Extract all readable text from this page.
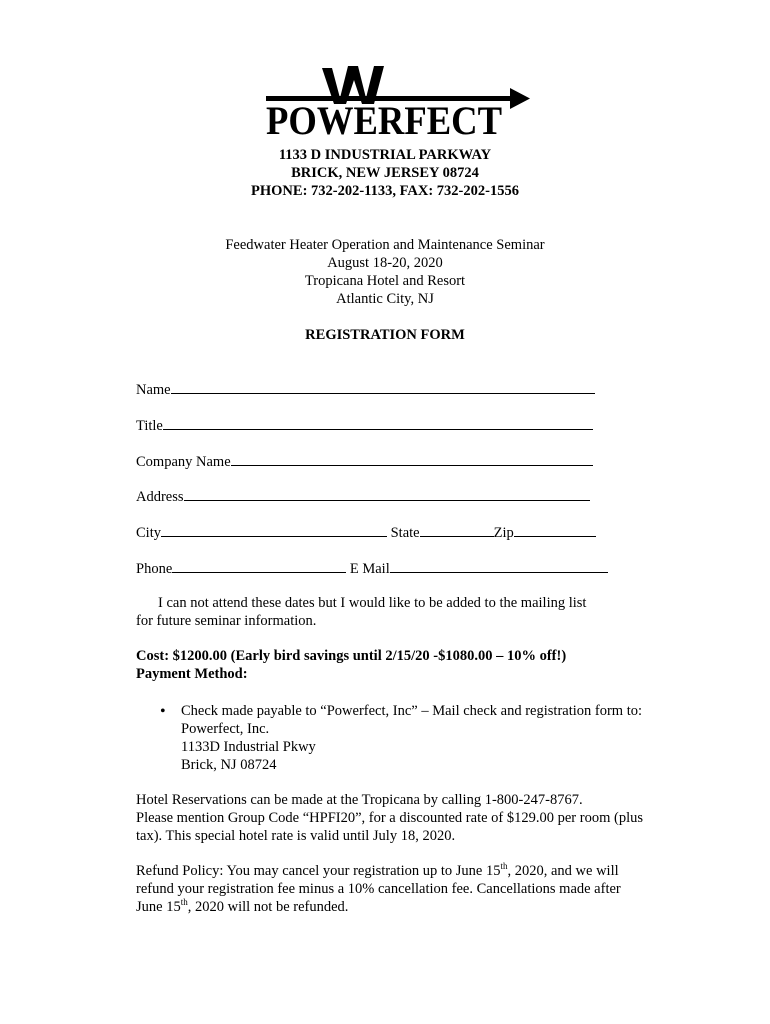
POWERFECT
1133 D INDUSTRIAL PARKWAY
BRICK, NEW JERSEY 08724
PHONE: 732-202-1133, FAX: 732-202-1556
Feedwater Heater Operation and Maintenance Seminar
August 18-20, 2020
Tropicana Hotel and Resort
Atlantic City, NJ
REGISTRATION FORM
Name
Title
Company Name
Address
City	State	Zip
Phone	E Mail
I can not attend these dates but I would like to be added to the mailing list
for future seminar information.
Cost: $1200.00 (Early bird savings until 2/15/20 -$1080.00 – 10% off!)
Payment Method:
• Check made payable to “Powerfect, Inc” – Mail check and registration form to:
Powerfect, Inc.
1133D Industrial Pkwy
Brick, NJ 08724
Hotel Reservations can be made at the Tropicana by calling 1-800-247-8767.
Please mention Group Code “HPFI20”, for a discounted rate of $129.00 per room (plus
tax). This special hotel rate is valid until July 18, 2020.
Refund Policy: You may cancel your registration up to June 15th, 2020, and we will
refund your registration fee minus a 10% cancellation fee. Cancellations made after
June 15th, 2020 will not be refunded.
